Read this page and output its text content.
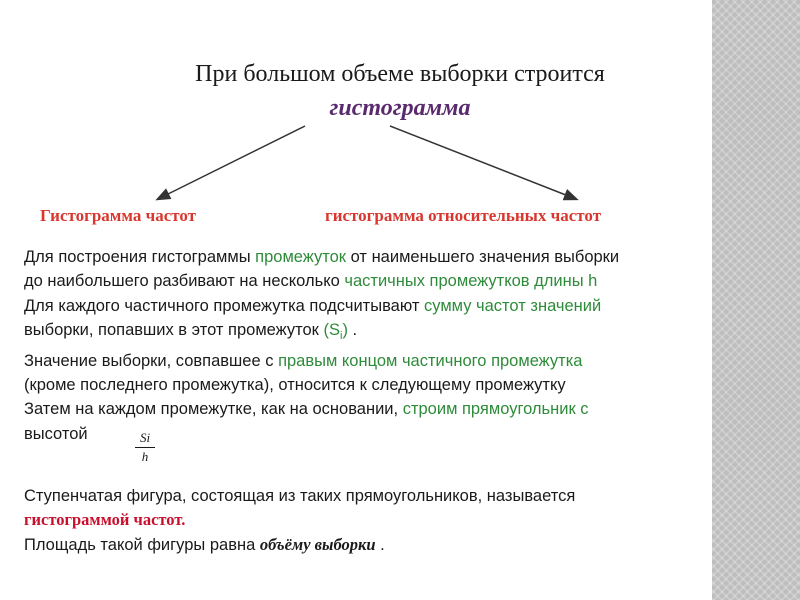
При большом объеме выборки строится
гистограмма
Гистограмма частот	гистограмма относительных частот

Для построения гистограммы промежуток от наименьшего значения выборки

до наибольшего разбивают на несколько частичных промежутков длины h

Для каждого частичного промежутка подсчитывают сумму частот значений

выборки, попавших в этот промежуток $(S_i)$ .

Значение выборки, совпавшее с правым концом частичного промежутка

(кроме последнего промежутка), относится к следующему промежутку

Затем на каждом промежутке, как на основании, строим прямоугольник с

высотой	$\frac{Si}{h}$

Ступенчатая фигура, состоящая из таких прямоугольников, называется

гистограммой частот.

Площадь такой фигуры равна объёму выборки .
